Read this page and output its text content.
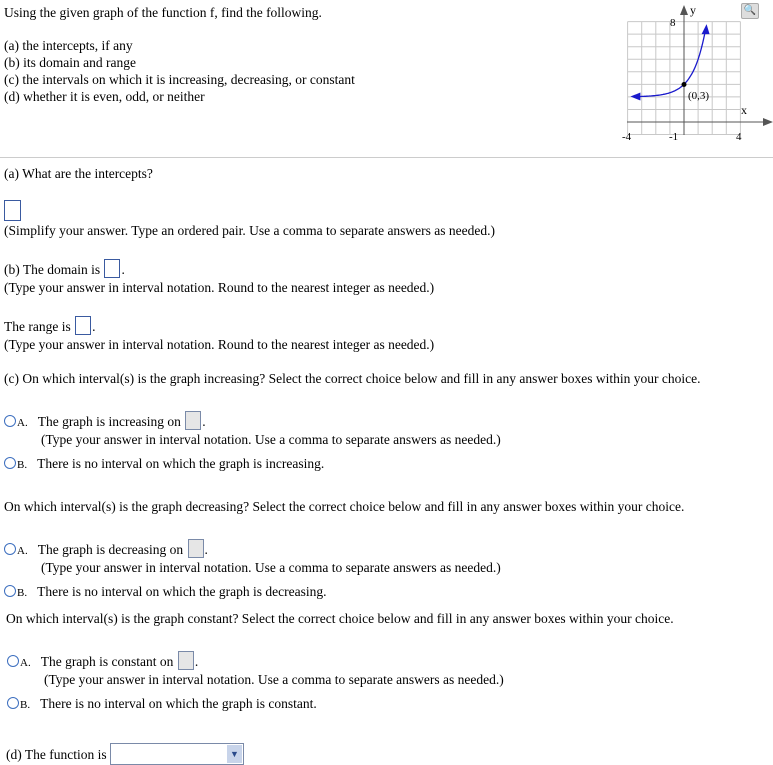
Using the given graph of the function f, find the following.
(a) the intercepts, if any
(b) its domain and range
(c) the intervals on which it is increasing, decreasing, or constant
(d) whether it is even, odd, or neither
y
x
8
-4	-1	4
(0,3)
🔍
(a) What are the intercepts?
(Simplify your answer. Type an ordered pair. Use a comma to separate answers as needed.)
(b) The domain is .
(Type your answer in interval notation. Round to the nearest integer as needed.)
The range is .
(Type your answer in interval notation. Round to the nearest integer as needed.)
(c) On which interval(s) is the graph increasing? Select the correct choice below and fill in any answer boxes within your choice.
A. The graph is increasing on .
(Type your answer in interval notation. Use a comma to separate answers as needed.)
B. There is no interval on which the graph is increasing.
On which interval(s) is the graph decreasing? Select the correct choice below and fill in any answer boxes within your choice.
A. The graph is decreasing on .
(Type your answer in interval notation. Use a comma to separate answers as needed.)
B. There is no interval on which the graph is decreasing.
On which interval(s) is the graph constant? Select the correct choice below and fill in any answer boxes within your choice.
A. The graph is constant on .
(Type your answer in interval notation. Use a comma to separate answers as needed.)
B. There is no interval on which the graph is constant.
(d) The function is	▼
